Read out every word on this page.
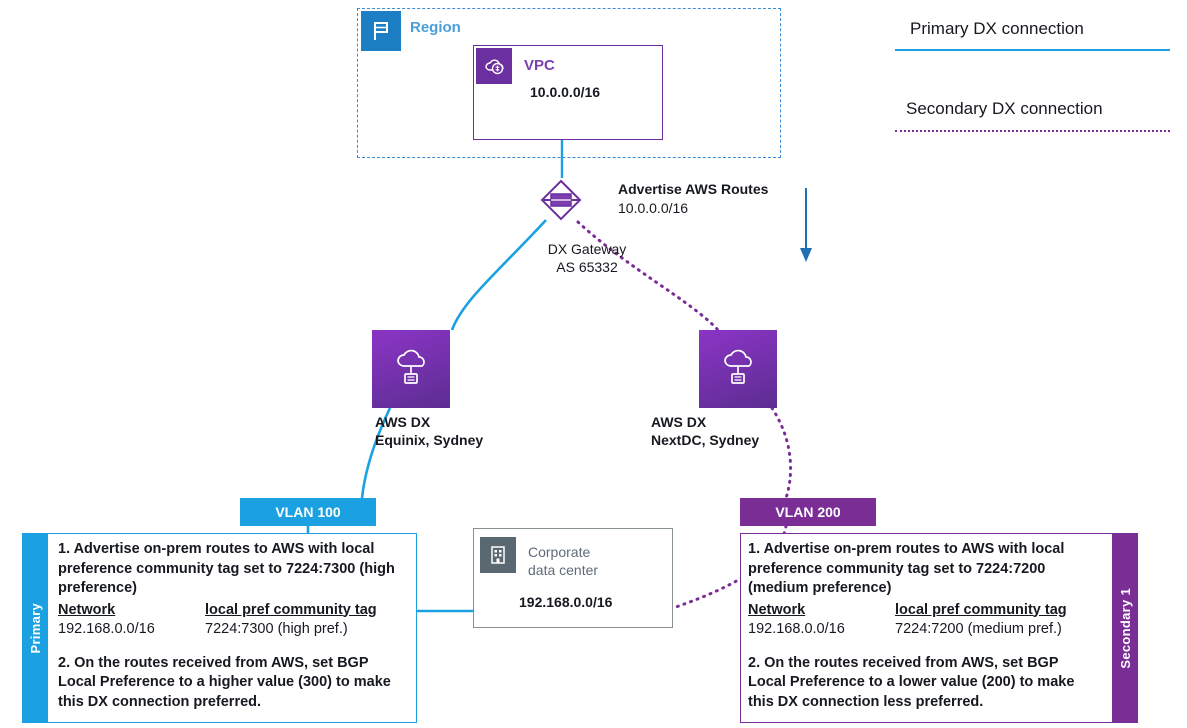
Region
VPC
10.0.0.0/16
DX Gateway
AS 65332
Advertise AWS Routes
10.0.0.0/16
AWS DX
Equinix, Sydney
AWS DX
NextDC, Sydney
VLAN 100	VLAN 200
Corporate
data center
192.168.0.0/16
Primary
1. Advertise on-prem routes to AWS with local preference community tag set to 7224:7300 (high preference)
Network	local pref community tag
192.168.0.0/16	7224:7300 (high pref.)
2. On the routes received from AWS, set BGP Local Preference to a higher value (300) to make this DX connection preferred.
Secondary 1
1. Advertise on-prem routes to AWS with local preference community tag set to 7224:7200 (medium preference)
Network	local pref community tag
192.168.0.0/16	7224:7200 (medium pref.)
2. On the routes received from AWS, set BGP Local Preference to a lower value (200) to make this DX connection less preferred.
Primary DX connection
Secondary DX connection
